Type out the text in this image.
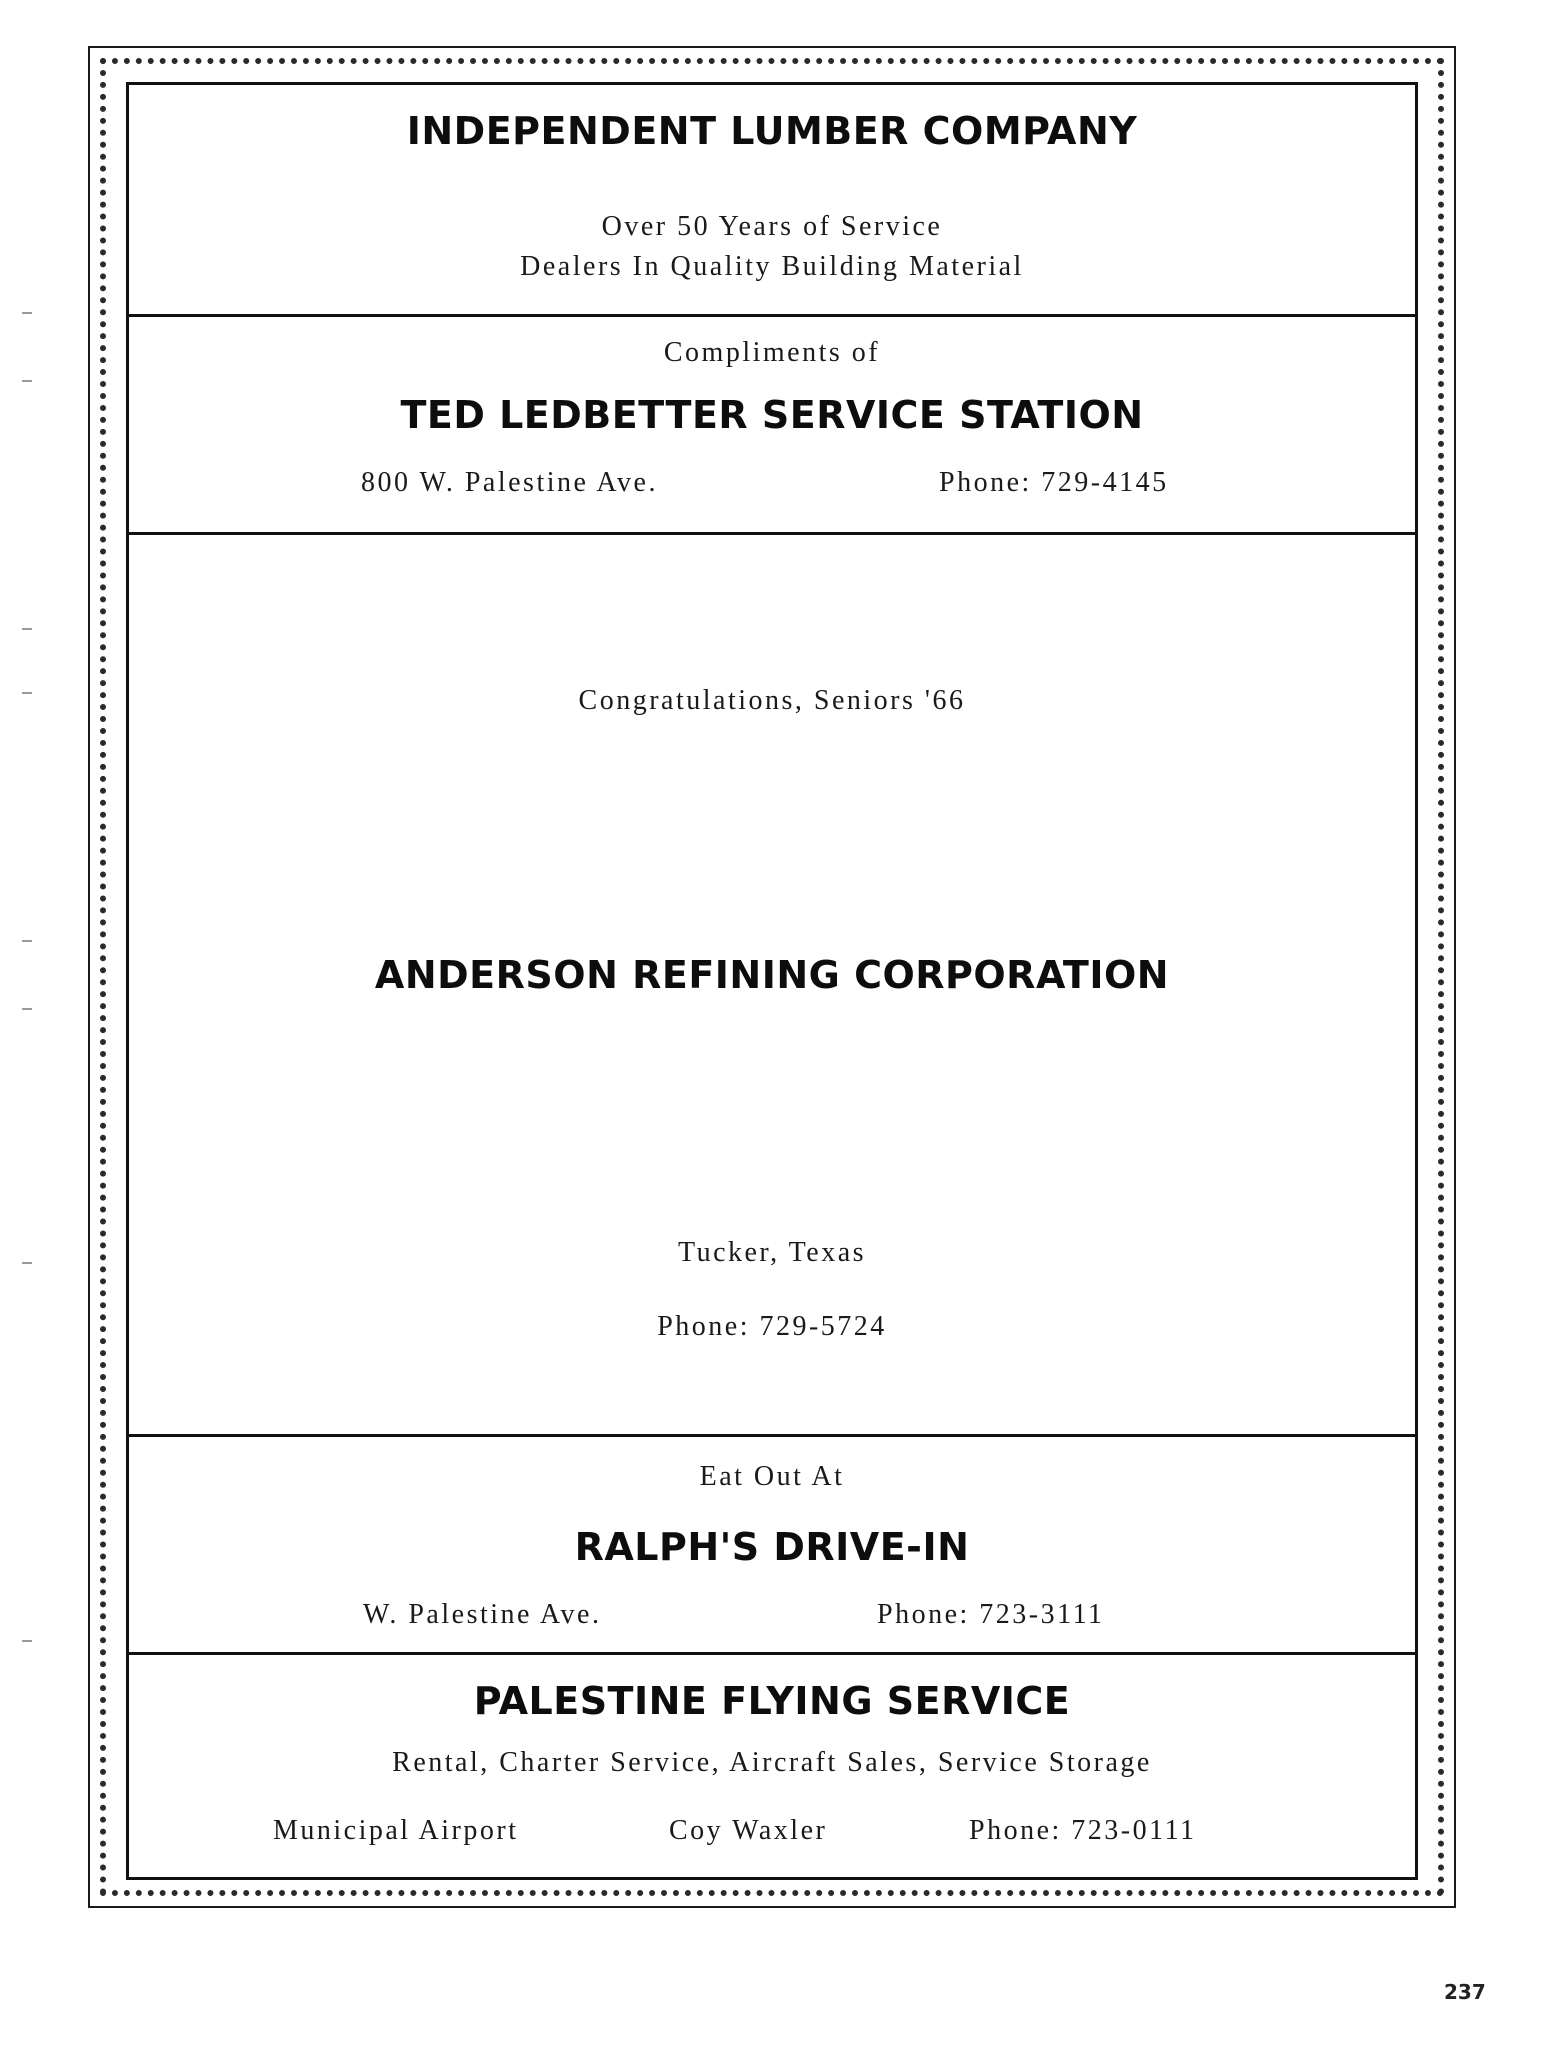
INDEPENDENT LUMBER COMPANY
Over 50 Years of Service
Dealers In Quality Building Material
Compliments of
TED LEDBETTER SERVICE STATION
800 W. Palestine Ave.	Phone: 729-4145
Congratulations, Seniors '66
ANDERSON REFINING CORPORATION
Tucker, Texas
Phone: 729-5724
Eat Out At
RALPH'S DRIVE-IN
W. Palestine Ave.	Phone: 723-3111
PALESTINE FLYING SERVICE
Rental, Charter Service, Aircraft Sales, Service Storage
Municipal Airport	Coy Waxler	Phone: 723-0111
237
